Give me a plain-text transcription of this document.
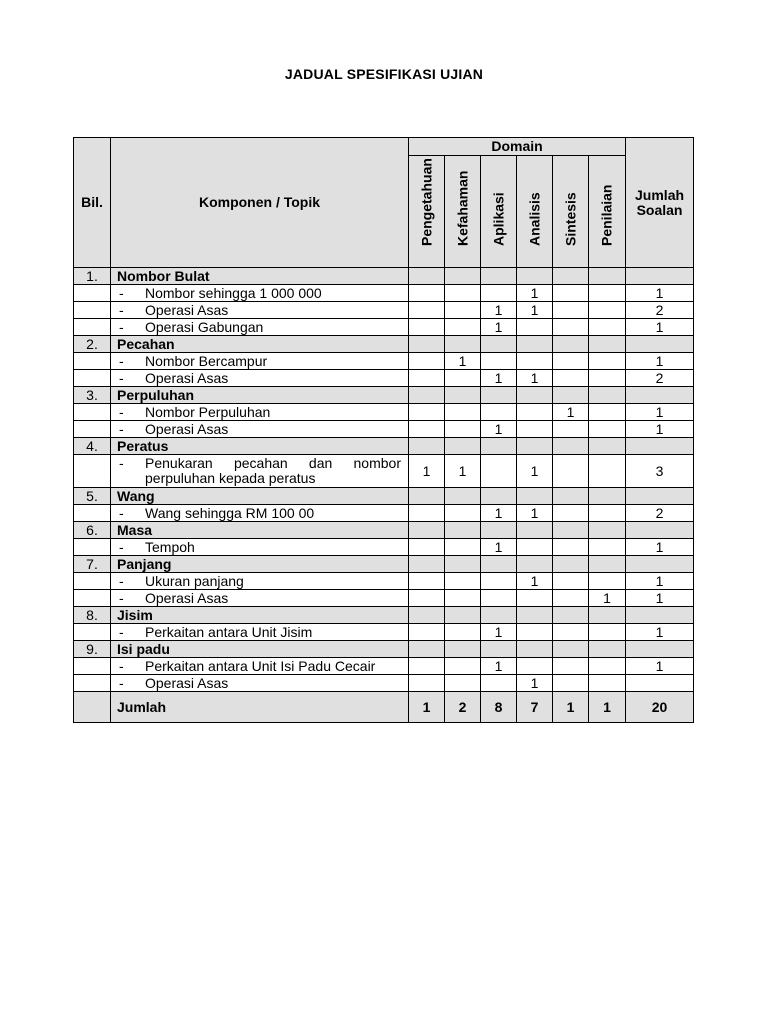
JADUAL SPESIFIKASI UJIAN
Bil.	Komponen / Topik	Domain						Jumlah
Soalan

		Pengetahuan	Kefahaman	Aplikasi	Analisis	Sintesis	Penilaian	

1.	Nombor Bulat							

	- Nombor sehingga 1 000 000				1			1

	- Operasi Asas			1	1			2

	- Operasi Gabungan			1				1
2.	Pecahan							

	- Nombor Bercampur		1					1

	- Operasi Asas			1	1			2
3.	Perpuluhan							

	- Nombor Perpuluhan					1		1

	- Operasi Asas			1				1
4.	Peratus							

	- Penukaran pecahan dan nombor perpuluhan kepada peratus	1	1		1			3
5.	Wang							

	- Wang sehingga RM 100 00			1	1			2
6.	Masa							

	- Tempoh			1				1
7.	Panjang							

	- Ukuran panjang				1			1

	- Operasi Asas						1	1
8.	Jisim							

	- Perkaitan antara Unit Jisim			1				1
9.	Isi padu							

	- Perkaitan antara Unit Isi Padu Cecair			1				1

	- Operasi Asas				1			
	Jumlah	1	2	8	7	1	1	20
